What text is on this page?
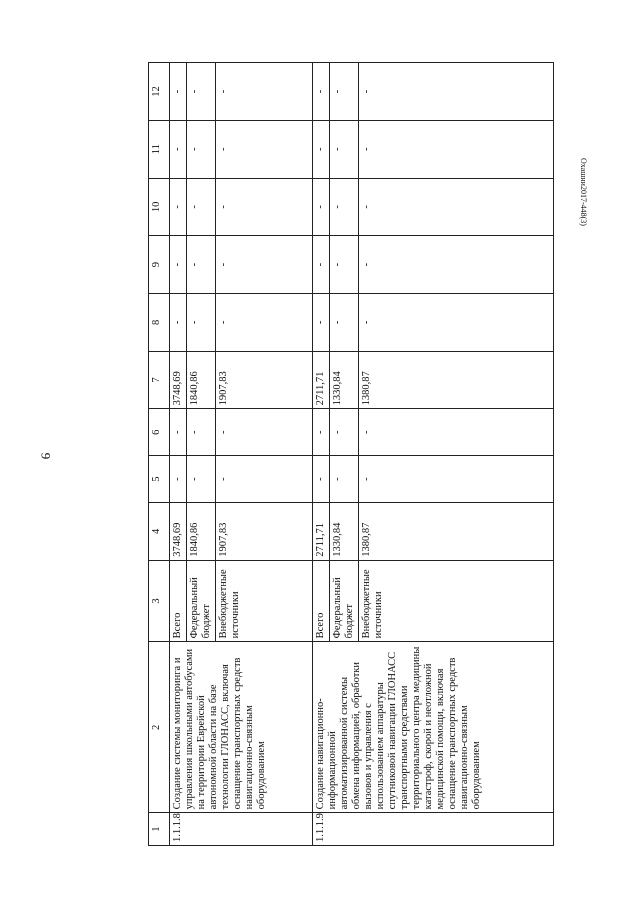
9
Охашни2017-448(3)
1	2	3	4	5	6	7	8	9	10	11	12
1.1.1.8	Создание системы мониторинга и управления школьными автобусами на территории Еврейской автономной области на базе технологии ГЛОНАСС, включая оснащение транспортных средств навигационно-связным оборудованием	Всего	3748,69	-	-	3748,69	-	-	-	-	-
		Федеральный бюджет	1840,86	-	-	1840,86	-	-	-	-	-
		Внебюджетные источники	1907,83	-	-	1907,83	-	-	-	-	-
1.1.1.9	Создание навигационно-информационной автоматизированной системы обмена информацией, обработки вызовов и управления с использованием аппаратуры спутниковой навигации ГЛОНАСС транспортными средствами территориального центра медицины катастроф, скорой и неотложной медицинской помощи, включая оснащение транспортных средств навигационно-связным оборудованием	Всего	2711,71	-	-	2711,71	-	-	-	-	-
		Федеральный бюджет	1330,84	-	-	1330,84	-	-	-	-	-
		Внебюджетные источники	1380,87	-	-	1380,87	-	-	-	-	-
